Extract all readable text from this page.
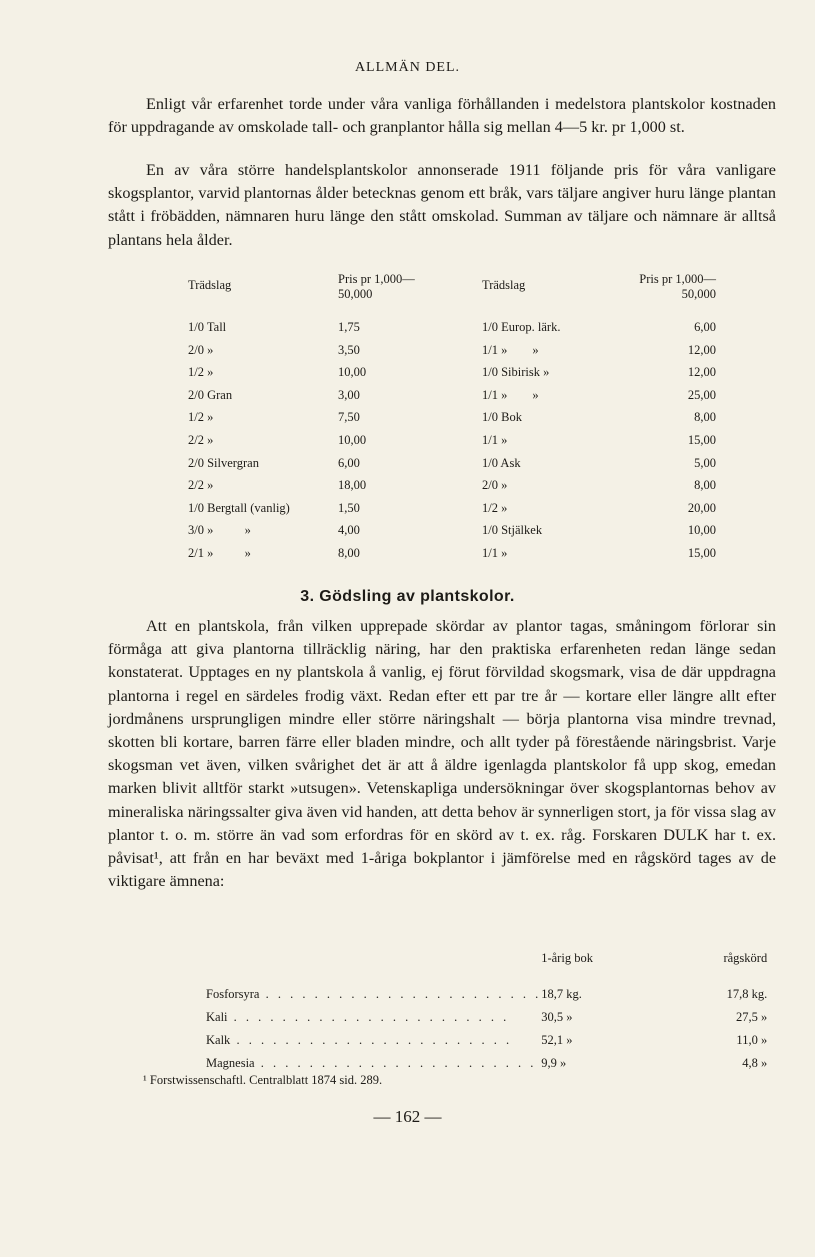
ALLMÄN DEL.

Enligt vår erfarenhet torde under våra vanliga förhållanden i medelstora plantskolor kostnaden för uppdragande av omskolade tall- och granplantor hålla sig mellan 4—5 kr. pr 1,000 st.

En av våra större handelsplantskolor annonserade 1911 följande pris för våra vanligare skogsplantor, varvid plantornas ålder betecknas genom ett bråk, vars täljare angiver huru länge plantan stått i fröbädden, nämnaren huru länge den stått omskolad. Summan av täljare och nämnare är alltså plantans hela ålder.

Trädslag	Pris pr 1,000—50,000
1/0 Tall	1,75
2/0 »	3,50
1/2 »	10,00
2/0 Gran	3,00
1/2 »	7,50
2/2 »	10,00
2/0 Silvergran	6,00
2/2 »	18,00
1/0 Bergtall (vanlig)	1,50
3/0 »          »	4,00
2/1 »          »	8,00
Trädslag	Pris pr 1,000—50,000
1/0 Europ. lärk.	6,00
1/1 »        »	12,00
1/0 Sibirisk »	12,00
1/1 »        »	25,00
1/0 Bok	8,00
1/1 »	15,00
1/0 Ask	5,00
2/0 »	8,00
1/2 »	20,00
1/0 Stjälkek	10,00
1/1 »	15,00
3. Gödsling av plantskolor.

Att en plantskola, från vilken upprepade skördar av plantor tagas, småningom förlorar sin förmåga att giva plantorna tillräcklig näring, har den praktiska erfarenheten redan länge sedan konstaterat. Upptages en ny plantskola å vanlig, ej förut förvildad skogsmark, visa de där uppdragna plantorna i regel en särdeles frodig växt. Redan efter ett par tre år — kortare eller längre allt efter jordmånens ursprungligen mindre eller större näringshalt — börja plantorna visa mindre trevnad, skotten bli kortare, barren färre eller bladen mindre, och allt tyder på förestående näringsbrist. Varje skogsman vet även, vilken svårighet det är att å äldre igenlagda plantskolor få upp skog, emedan marken blivit alltför starkt »utsugen». Vetenskapliga undersökningar över skogsplantornas behov av mineraliska näringssalter giva även vid handen, att detta behov är synnerligen stort, ja för vissa slag av plantor t. o. m. större än vad som erfordras för en skörd av t. ex. råg. Forskaren DULK har t. ex. påvisat¹, att från en har beväxt med 1-åriga bokplantor i jämförelse med en rågskörd tages av de viktigare ämnena:

	1-årig bok	rågskörd
Fosforsyra . . . . . . . . . . . . . . . . . . . . . . .	18,7 kg.	17,8 kg.
Kali . . . . . . . . . . . . . . . . . . . . . . .	30,5 »	27,5 »
Kalk . . . . . . . . . . . . . . . . . . . . . . .	52,1 »	11,0 »
Magnesia . . . . . . . . . . . . . . . . . . . . . . .	9,9 »	4,8 »
¹ Forstwissenschaftl. Centralblatt 1874 sid. 289.
— 162 —
